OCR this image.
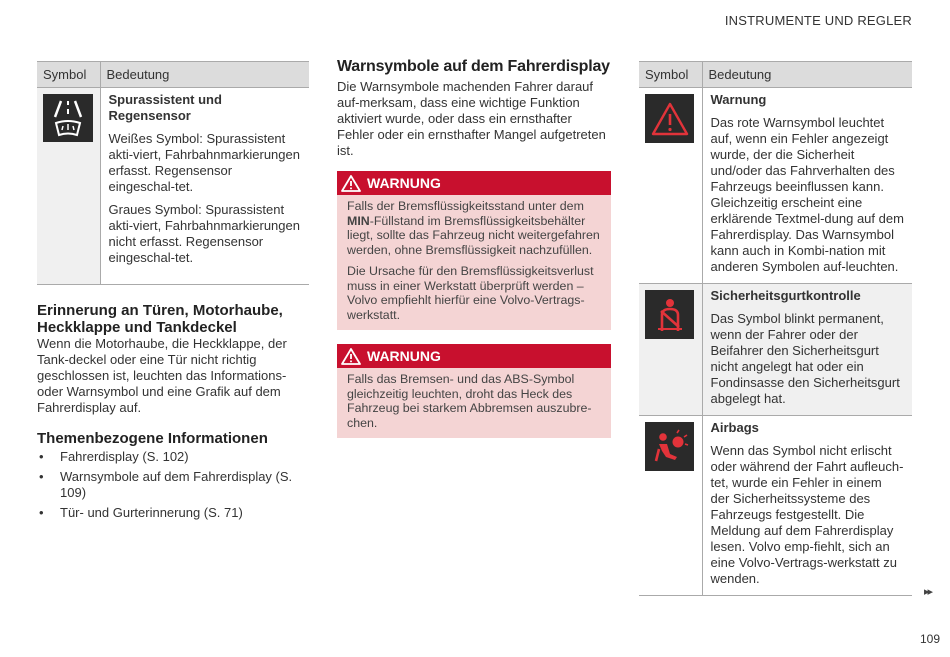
INSTRUMENTE UND REGLER
Symbol	Bedeutung

Spurassistent und Regensensor
Weißes Symbol: Spurassistent akti-viert, Fahrbahnmarkierungen erfasst. Regensensor eingeschal-tet.
Graues Symbol: Spurassistent akti-viert, Fahrbahnmarkierungen nicht erfasst. Regensensor eingeschal-tet.

Erinnerung an Türen, Motorhaube, Heckklappe und Tankdeckel
Wenn die Motorhaube, die Heckklappe, der Tank-deckel oder eine Tür nicht richtig geschlossen ist, leuchten das Informations- oder Warnsymbol und eine Grafik auf dem Fahrerdisplay auf.
Themenbezogene Informationen
• Fahrerdisplay (S. 102)
• Warnsymbole auf dem Fahrerdisplay (S. 109)
• Tür- und Gurterinnerung (S. 71)
Warnsymbole auf dem Fahrerdisplay
Die Warnsymbole machenden Fahrer darauf auf-merksam, dass eine wichtige Funktion aktiviert wurde, oder dass ein ernsthafter Fehler oder ein ernsthafter Mangel aufgetreten ist.
WARNUNG

Falls der Bremsflüssigkeitsstand unter dem MIN-Füllstand im Bremsflüssigkeitsbehälter liegt, sollte das Fahrzeug nicht weitergefahren werden, ohne Bremsflüssigkeit nachzufüllen.

Die Ursache für den Bremsflüssigkeitsverlust muss in einer Werkstatt überprüft werden – Volvo empfiehlt hierfür eine Volvo-Vertrags-werkstatt.

WARNUNG

Falls das Bremsen- und das ABS-Symbol gleichzeitig leuchten, droht das Heck des Fahrzeug bei starkem Abbremsen auszubre-chen.

Symbol	Bedeutung

Warnung
Das rote Warnsymbol leuchtet auf, wenn ein Fehler angezeigt wurde, der die Sicherheit und/oder das Fahrverhalten des Fahrzeugs beeinflussen kann. Gleichzeitig erscheint eine erklärende Textmel-dung auf dem Fahrerdisplay. Das Warnsymbol kann auch in Kombi-nation mit anderen Symbolen auf-leuchten.

Sicherheitsgurtkontrolle
Das Symbol blinkt permanent, wenn der Fahrer oder der Beifahrer den Sicherheitsgurt nicht angelegt hat oder ein Fondinsasse den Sicherheitsgurt abgelegt hat.

Airbags
Wenn das Symbol nicht erlischt oder während der Fahrt aufleuch-tet, wurde ein Fehler in einem der Sicherheitssysteme des Fahrzeugs festgestellt. Die Meldung auf dem Fahrerdisplay lesen. Volvo emp-fiehlt, sich an eine Volvo-Vertrags-werkstatt zu wenden.
▸▸
109
